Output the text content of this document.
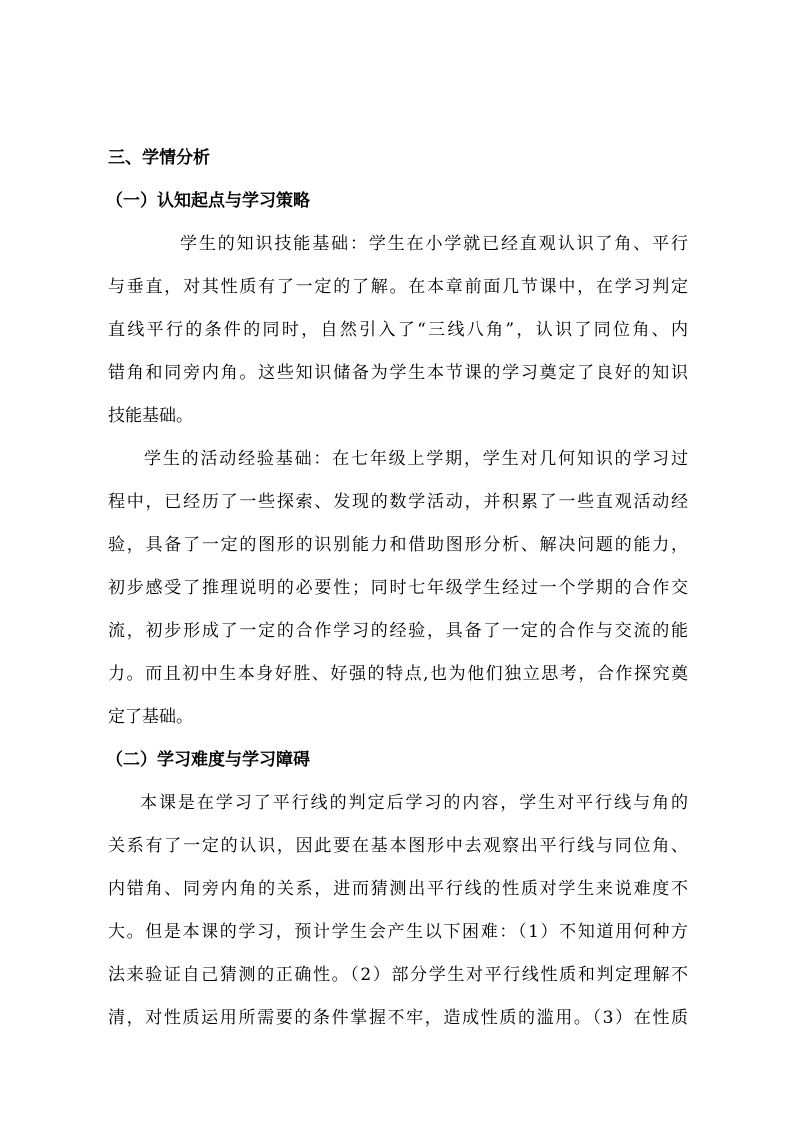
三、学情分析
（一）认知起点与学习策略
学生的知识技能基础：学生在小学就已经直观认识了角、平行
与垂直，对其性质有了一定的了解。在本章前面几节课中，在学习判定
直线平行的条件的同时，自然引入了“三线八角”，认识了同位角、内
错角和同旁内角。这些知识储备为学生本节课的学习奠定了良好的知识
技能基础。
学生的活动经验基础：在七年级上学期，学生对几何知识的学习过
程中，已经历了一些探索、发现的数学活动，并积累了一些直观活动经
验，具备了一定的图形的识别能力和借助图形分析、解决问题的能力，
初步感受了推理说明的必要性；同时七年级学生经过一个学期的合作交
流，初步形成了一定的合作学习的经验，具备了一定的合作与交流的能
力。而且初中生本身好胜、好强的特点,也为他们独立思考，合作探究奠
定了基础。
（二）学习难度与学习障碍
本课是在学习了平行线的判定后学习的内容，学生对平行线与角的
关系有了一定的认识，因此要在基本图形中去观察出平行线与同位角、
内错角、同旁内角的关系，进而猜测出平行线的性质对学生来说难度不
大。但是本课的学习，预计学生会产生以下困难：（1）不知道用何种方
法来验证自己猜测的正确性。（2）部分学生对平行线性质和判定理解不
清，对性质运用所需要的条件掌握不牢，造成性质的滥用。（3）在性质
